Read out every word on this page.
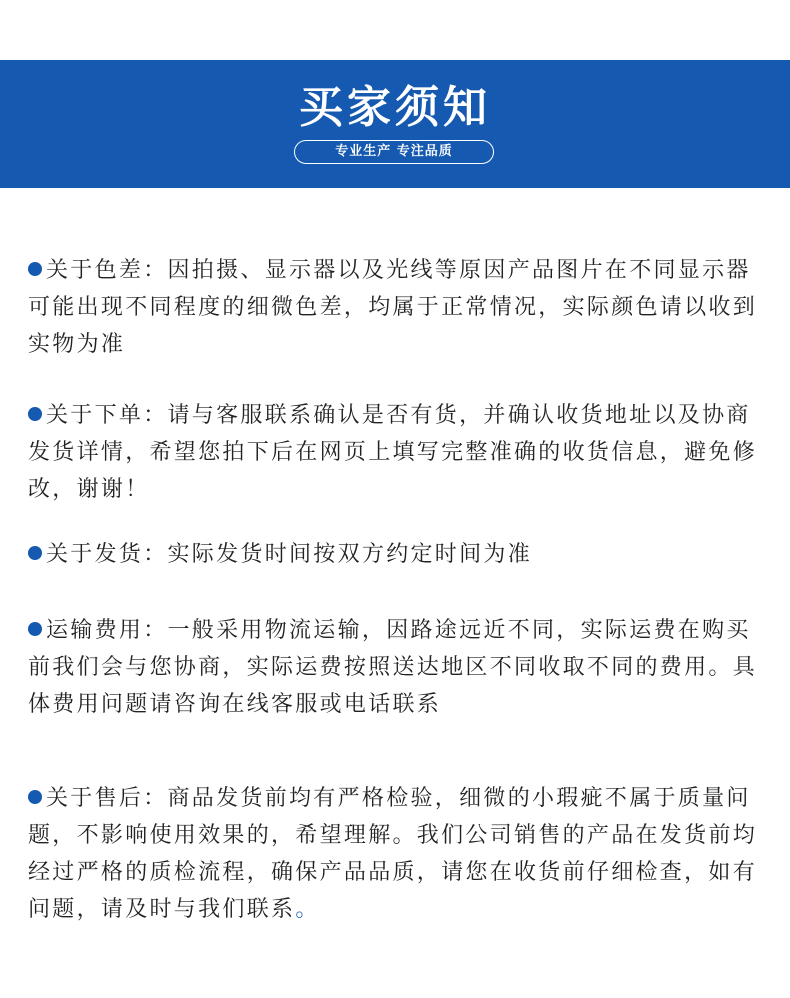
买家须知
专业生产 专注品质
关于色差：因拍摄、显示器以及光线等原因产品图片在不同显示器可能出现不同程度的细微色差，均属于正常情况，实际颜色请以收到实物为准
关于下单：请与客服联系确认是否有货，并确认收货地址以及协商发货详情，希望您拍下后在网页上填写完整准确的收货信息，避免修改，谢谢！
关于发货：实际发货时间按双方约定时间为准
运输费用：一般采用物流运输，因路途远近不同，实际运费在购买前我们会与您协商，实际运费按照送达地区不同收取不同的费用。具体费用问题请咨询在线客服或电话联系
关于售后：商品发货前均有严格检验，细微的小瑕疵不属于质量问题，不影响使用效果的，希望理解。我们公司销售的产品在发货前均经过严格的质检流程，确保产品品质，请您在收货前仔细检查，如有问题，请及时与我们联系。
